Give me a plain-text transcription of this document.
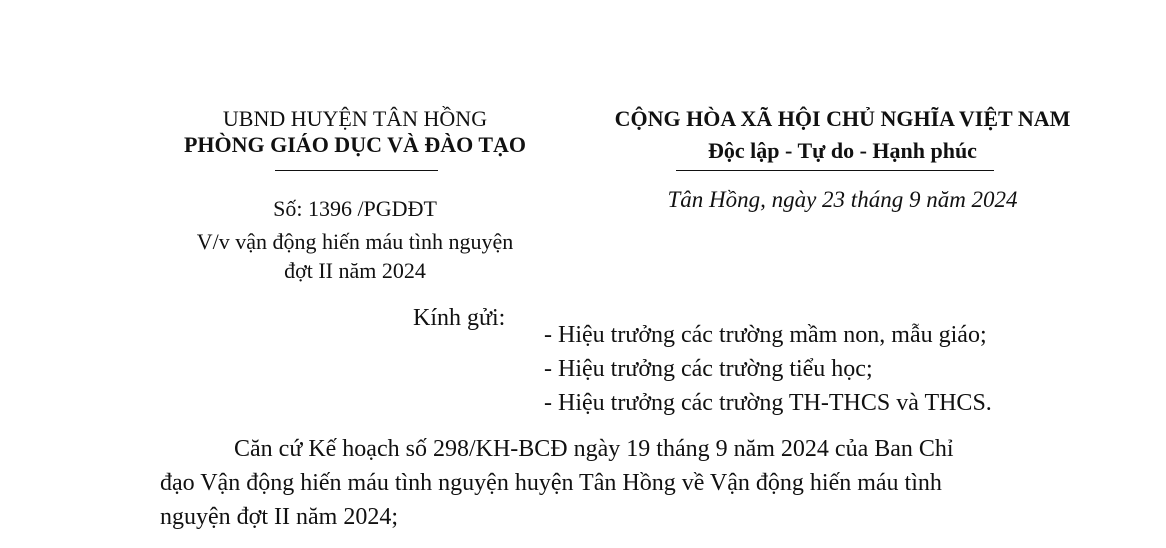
UBND HUYỆN TÂN HỒNG
PHÒNG GIÁO DỤC VÀ ĐÀO TẠO
Số: 1396 /PGDĐT
V/v vận động hiến máu tình nguyện
đợt II năm 2024
CỘNG HÒA XÃ HỘI CHỦ NGHĨA VIỆT NAM
Độc lập - Tự do - Hạnh phúc
Tân Hồng, ngày 23 tháng 9 năm 2024
Kính gửi:
- Hiệu trưởng các trường mầm non, mẫu giáo;
- Hiệu trưởng các trường tiểu học;
- Hiệu trưởng các trường TH-THCS và THCS.
Căn cứ Kế hoạch số 298/KH-BCĐ ngày 19 tháng 9 năm 2024 của Ban Chỉ
đạo Vận động hiến máu tình nguyện huyện Tân Hồng về Vận động hiến máu tình
nguyện đợt II năm 2024;
